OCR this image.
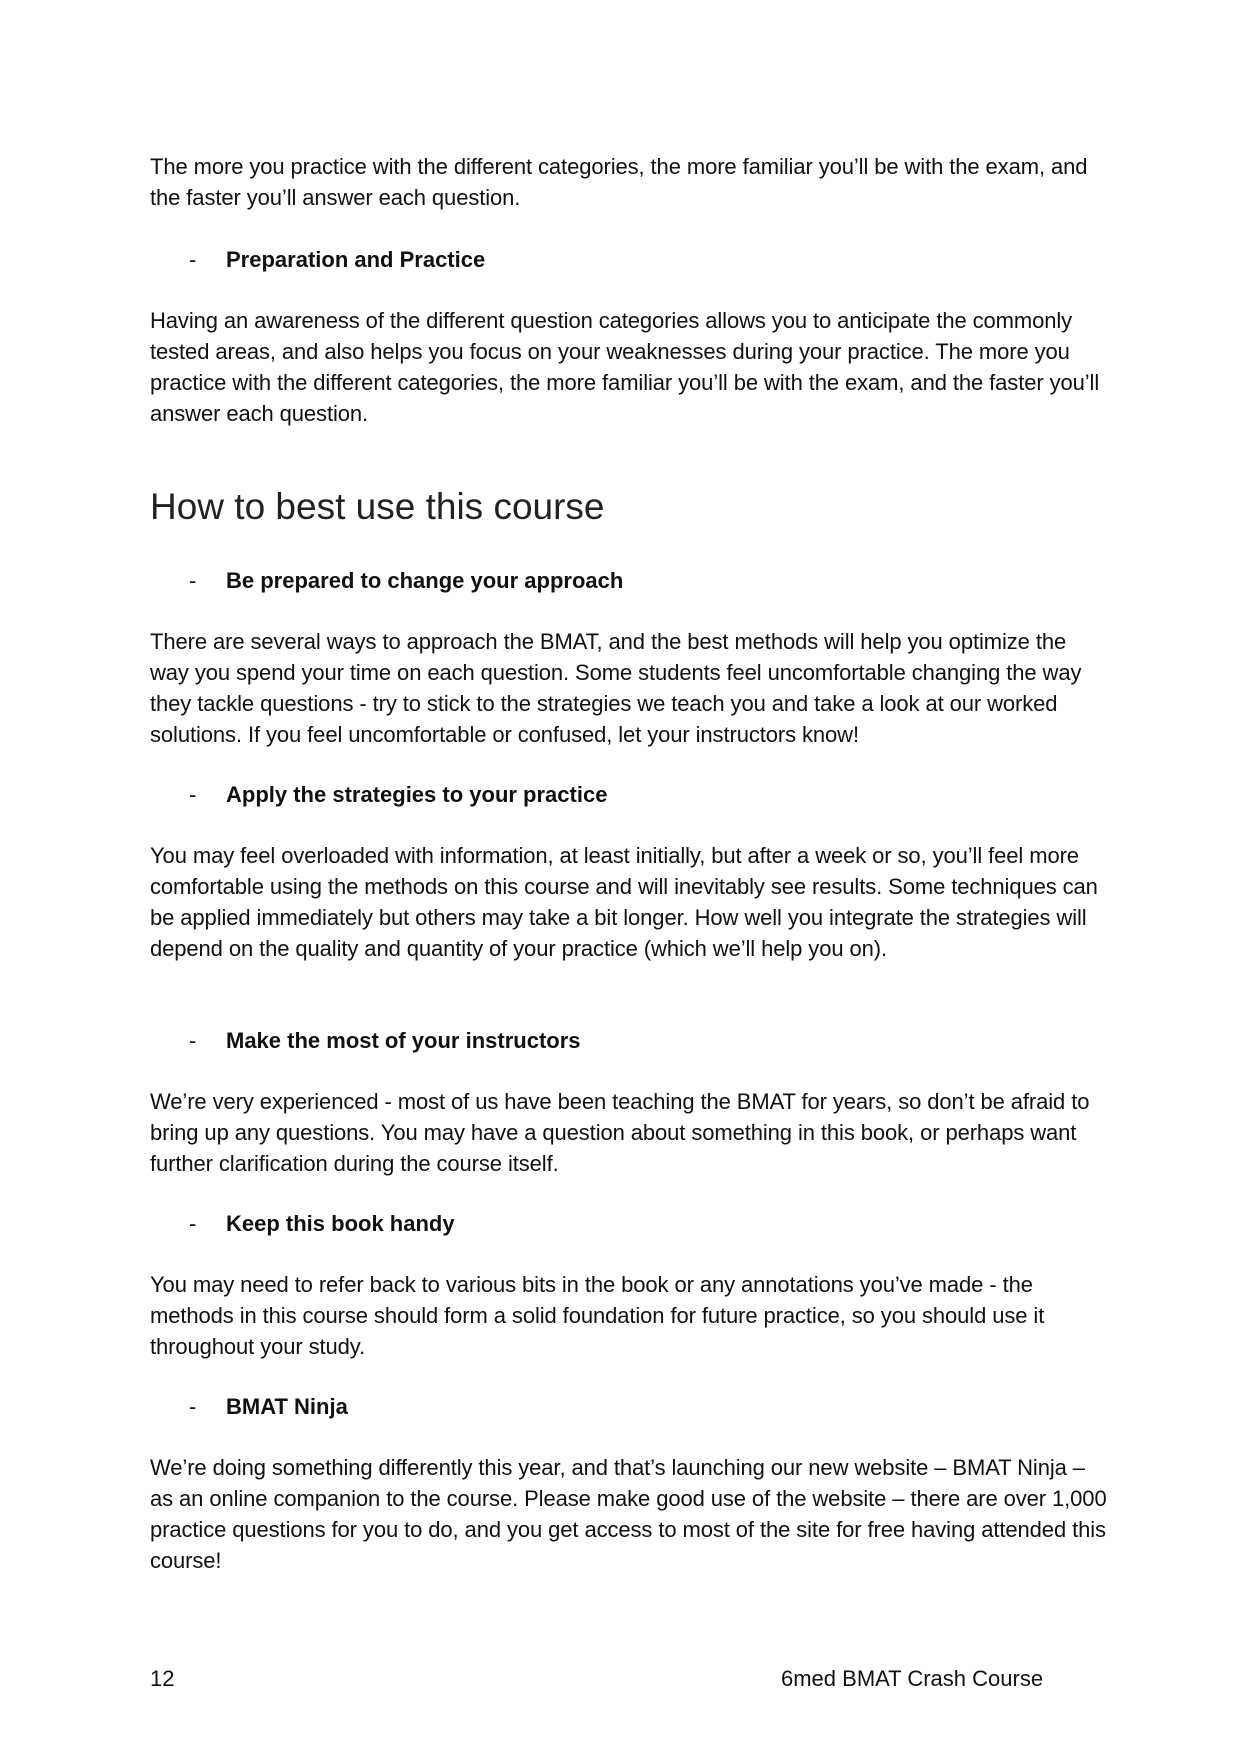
The more you practice with the different categories, the more familiar you’ll be with the exam, and the faster you’ll answer each question.

- Preparation and Practice

Having an awareness of the different question categories allows you to anticipate the commonly tested areas, and also helps you focus on your weaknesses during your practice. The more you practice with the different categories, the more familiar you’ll be with the exam, and the faster you’ll answer each question.

How to best use this course
- Be prepared to change your approach

There are several ways to approach the BMAT, and the best methods will help you optimize the way you spend your time on each question. Some students feel uncomfortable changing the way they tackle questions - try to stick to the strategies we teach you and take a look at our worked solutions. If you feel uncomfortable or confused, let your instructors know!

- Apply the strategies to your practice

You may feel overloaded with information, at least initially, but after a week or so, you’ll feel more comfortable using the methods on this course and will inevitably see results. Some techniques can be applied immediately but others may take a bit longer. How well you integrate the strategies will depend on the quality and quantity of your practice (which we’ll help you on).

- Make the most of your instructors

We’re very experienced - most of us have been teaching the BMAT for years, so don’t be afraid to bring up any questions. You may have a question about something in this book, or perhaps want further clarification during the course itself.

- Keep this book handy

You may need to refer back to various bits in the book or any annotations you’ve made - the methods in this course should form a solid foundation for future practice, so you should use it throughout your study.

- BMAT Ninja

We’re doing something differently this year, and that’s launching our new website – BMAT Ninja – as an online companion to the course. Please make good use of the website – there are over 1,000 practice questions for you to do, and you get access to most of the site for free having attended this course!

12	6med BMAT Crash Course
